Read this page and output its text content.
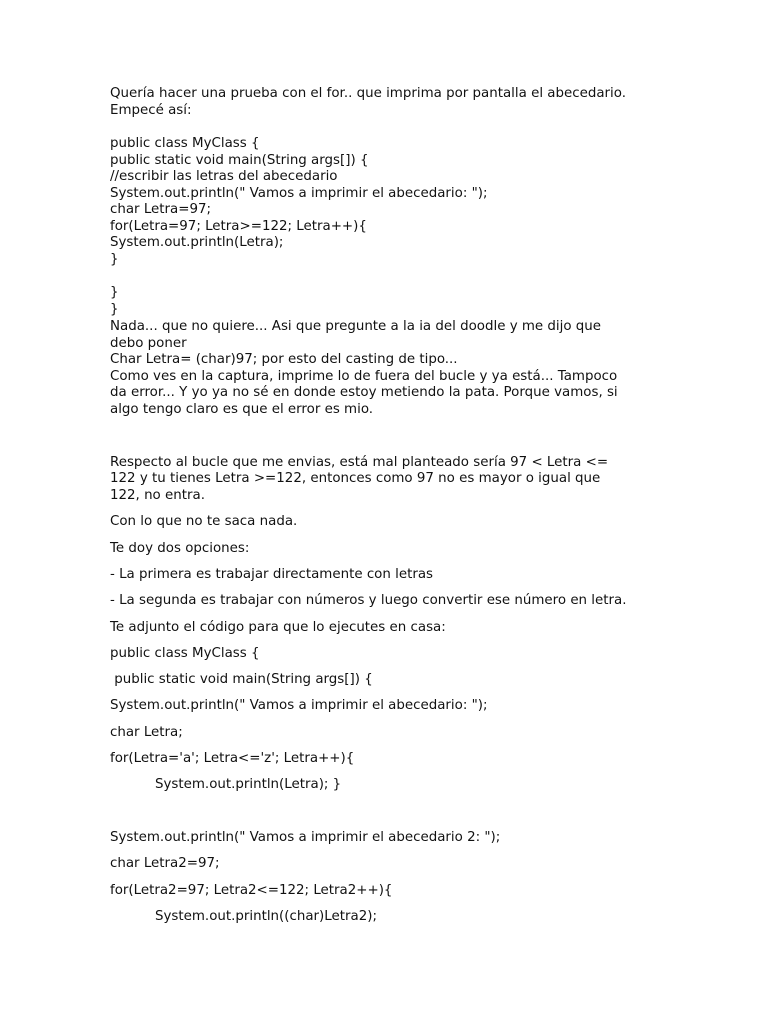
Quería hacer una prueba con el for.. que imprima por pantalla el abecedario.
Empecé así:
public class MyClass {
public static void main(String args[]) {
//escribir las letras del abecedario
System.out.println(" Vamos a imprimir el abecedario: ");
char Letra=97;
for(Letra=97; Letra>=122; Letra++){
System.out.println(Letra);
}
}
}
Nada... que no quiere... Asi que pregunte a la ia del doodle y me dijo que
debo poner
Char Letra= (char)97; por esto del casting de tipo...
Como ves en la captura, imprime lo de fuera del bucle y ya está... Tampoco
da error... Y yo ya no sé en donde estoy metiendo la pata. Porque vamos, si
algo tengo claro es que el error es mio.
Respecto al bucle que me envias, está mal planteado sería 97 < Letra <=
122 y tu tienes Letra >=122, entonces como 97 no es mayor o igual que
122, no entra.
Con lo que no te saca nada.
Te doy dos opciones:
- La primera es trabajar directamente con letras
- La segunda es trabajar con números y luego convertir ese número en letra.
Te adjunto el código para que lo ejecutes en casa:
public class MyClass {
public static void main(String args[]) {
System.out.println(" Vamos a imprimir el abecedario: ");
char Letra;
for(Letra='a'; Letra<='z'; Letra++){
System.out.println(Letra); }
System.out.println(" Vamos a imprimir el abecedario 2: ");
char Letra2=97;
for(Letra2=97; Letra2<=122; Letra2++){
System.out.println((char)Letra2);
